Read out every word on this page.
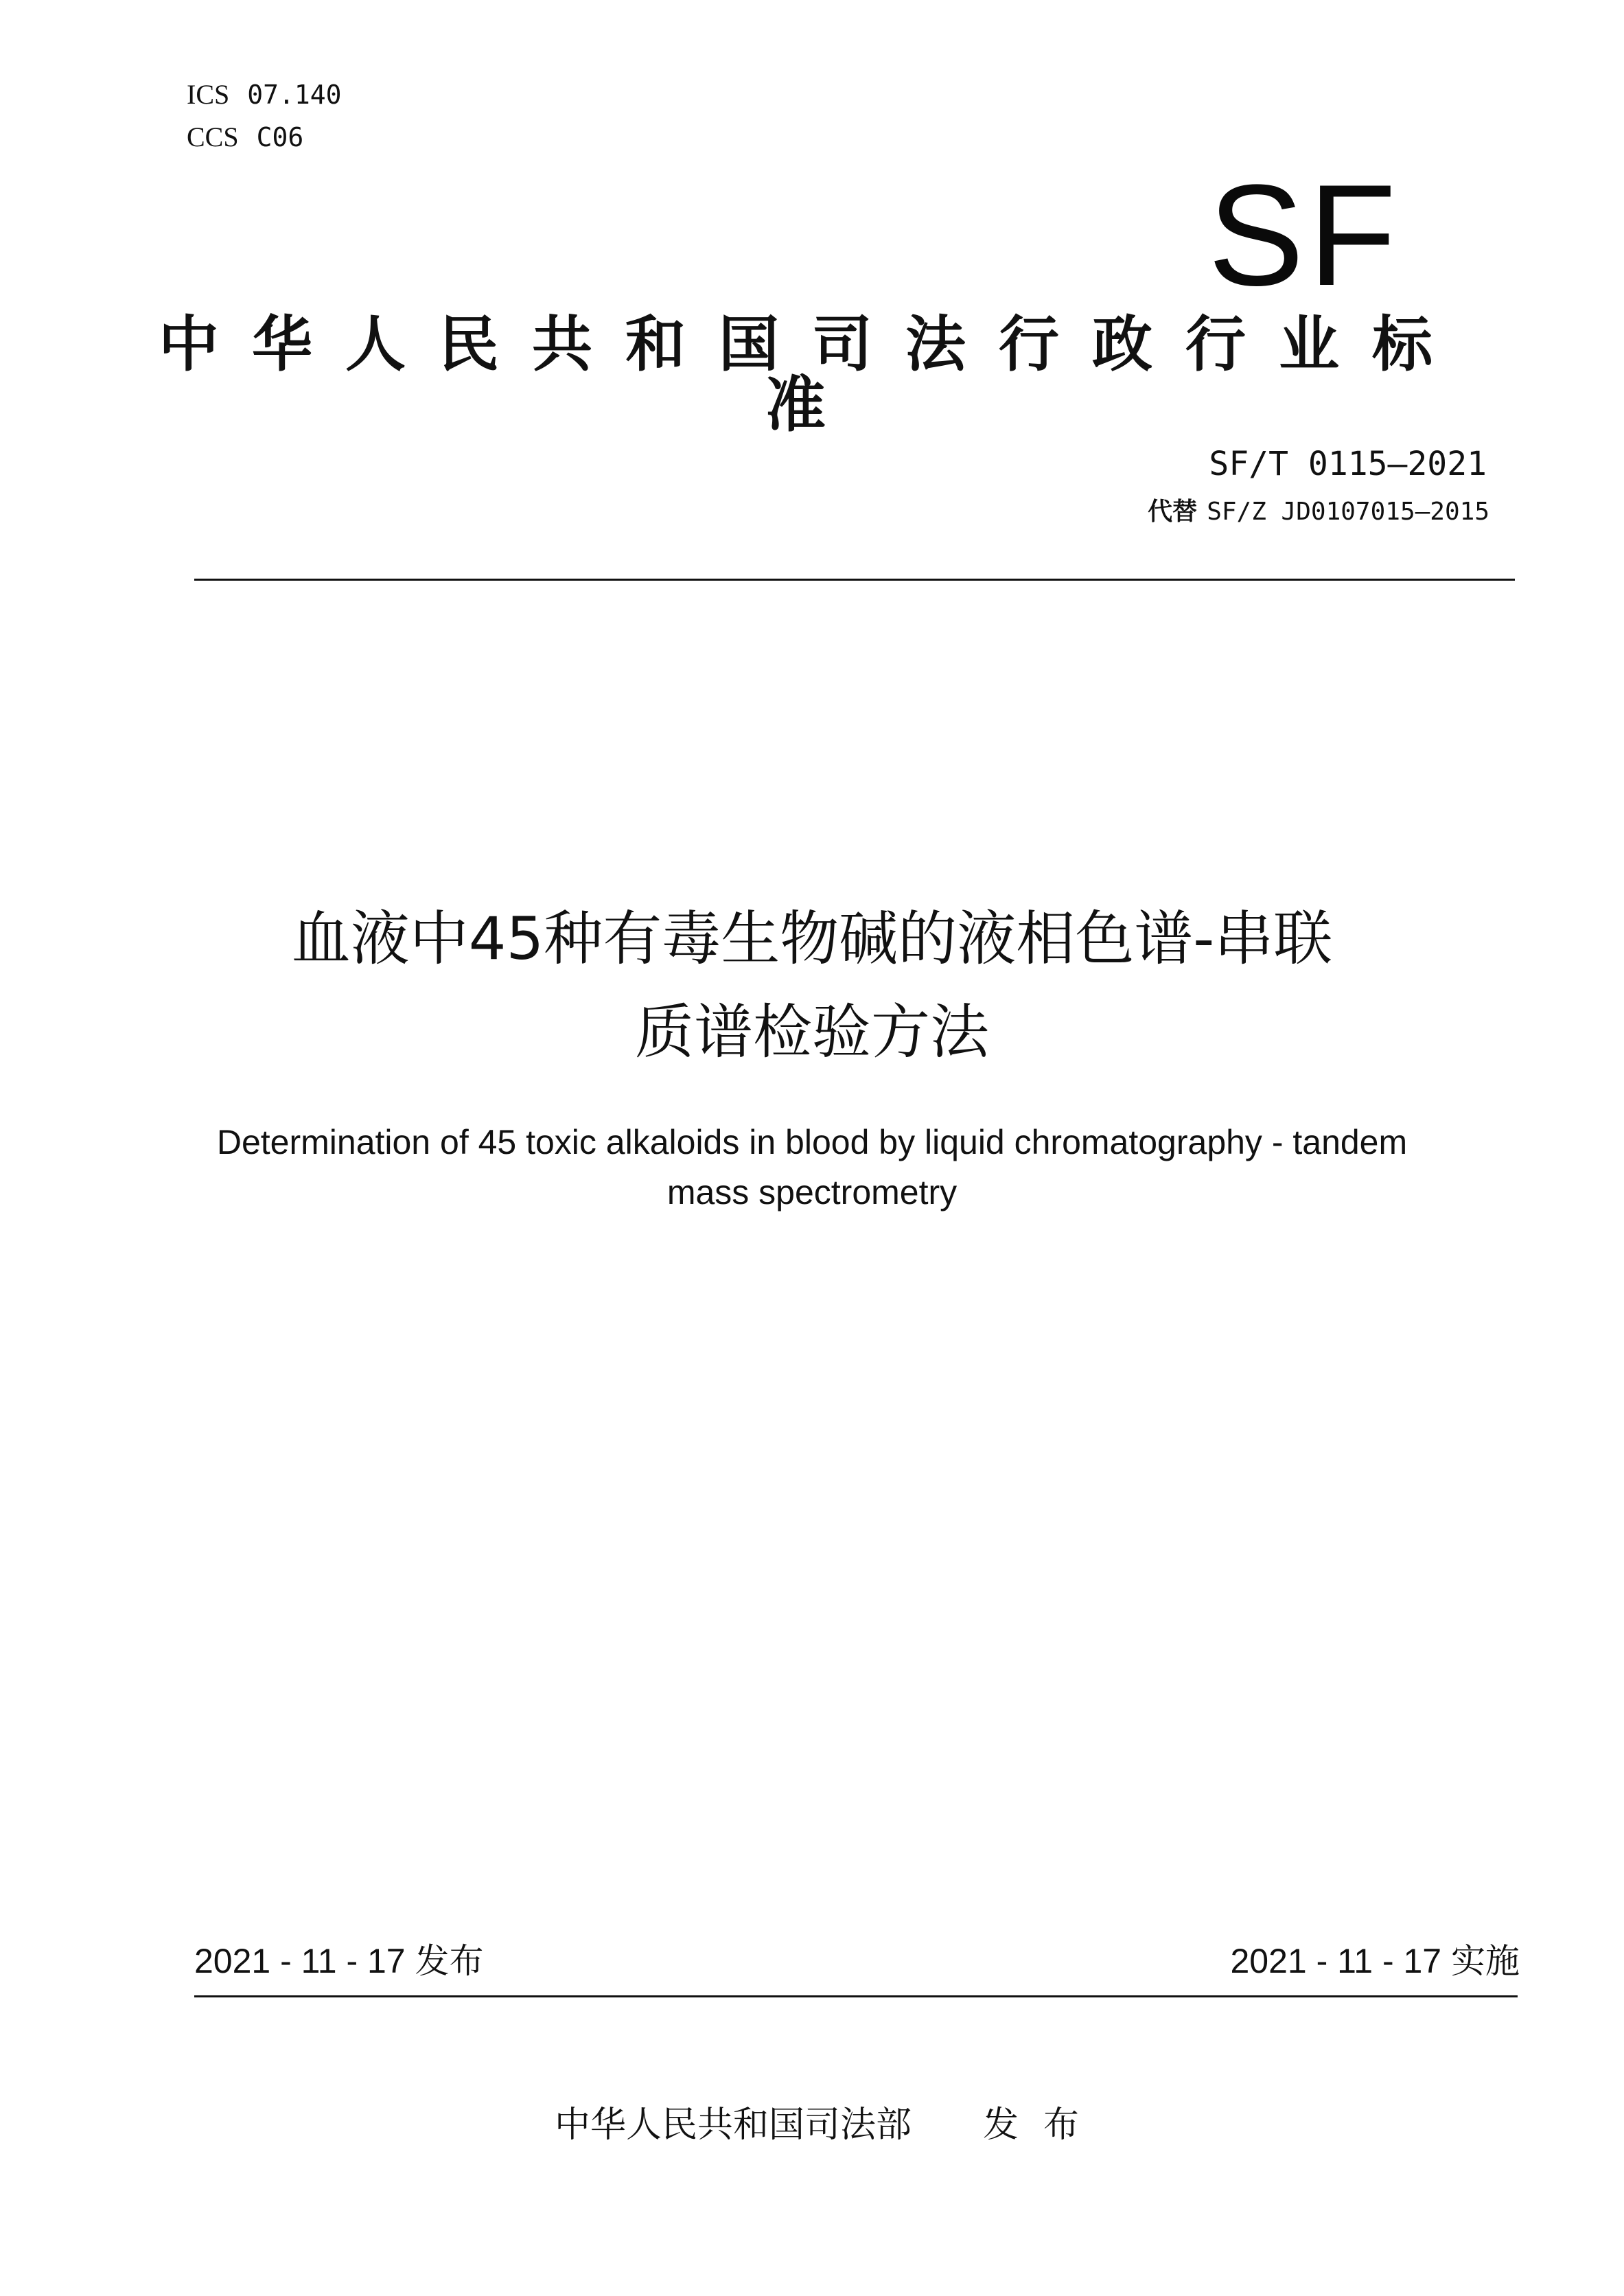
ICS 07.140
CCS C06
SF
中华人民共和国司法行政行业标准
SF/T 0115—2021
代替 SF/Z JD0107015—2015
血液中45种有毒生物碱的液相色谱-串联
质谱检验方法
Determination of 45 toxic alkaloids in blood by liquid chromatography - tandem
mass spectrometry
2021 - 11 - 17 发布	2021 - 11 - 17 实施
中华人民共和国司法部 发布
